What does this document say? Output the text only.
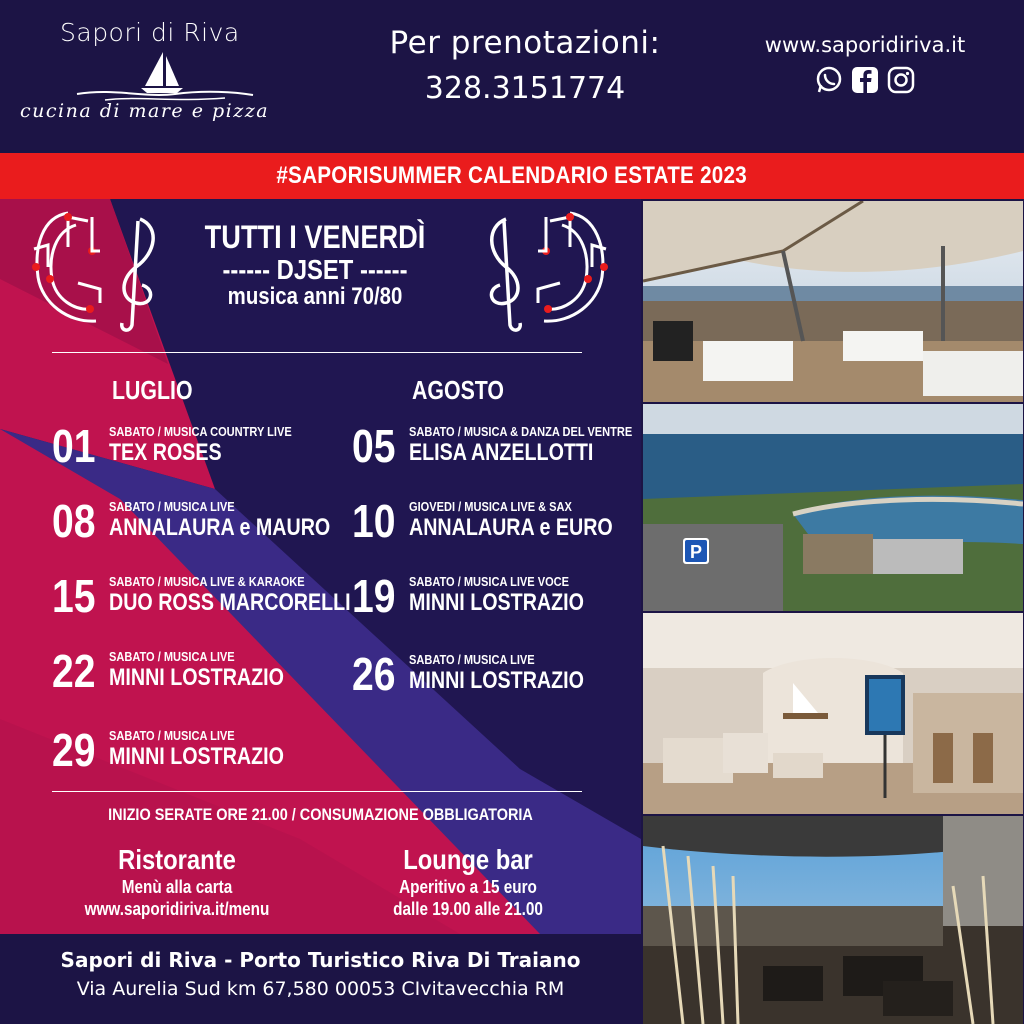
Sapori di Riva
cucina di mare e pizza
Per prenotazioni:
328.3151774
www.saporidiriva.it
#SAPORISUMMER CALENDARIO ESTATE 2023
TUTTI I VENERDÌ
------ DJSET ------
musica anni 70/80
LUGLIO	AGOSTO
01 SABATO / MUSICA COUNTRY LIVE
TEX ROSES
08 SABATO / MUSICA LIVE
ANNALAURA e MAURO
15 SABATO / MUSICA LIVE & KARAOKE
DUO ROSS MARCORELLI
22 SABATO / MUSICA LIVE
MINNI LOSTRAZIO
29 SABATO / MUSICA LIVE
MINNI LOSTRAZIO
05 SABATO / MUSICA & DANZA DEL VENTRE
ELISA ANZELLOTTI
10 GIOVEDI / MUSICA LIVE & SAX
ANNALAURA e EURO
19 SABATO / MUSICA LIVE VOCE
MINNI LOSTRAZIO
26 SABATO / MUSICA LIVE
MINNI LOSTRAZIO
INIZIO SERATE ORE 21.00 / CONSUMAZIONE OBBLIGATORIA
Ristorante
Menù alla carta
www.saporidiriva.it/menu
Lounge bar
Aperitivo a 15 euro
dalle 19.00 alle 21.00
Sapori di Riva - Porto Turistico Riva Di Traiano
Via Aurelia Sud km 67,580 00053 CIvitavecchia RM
P
